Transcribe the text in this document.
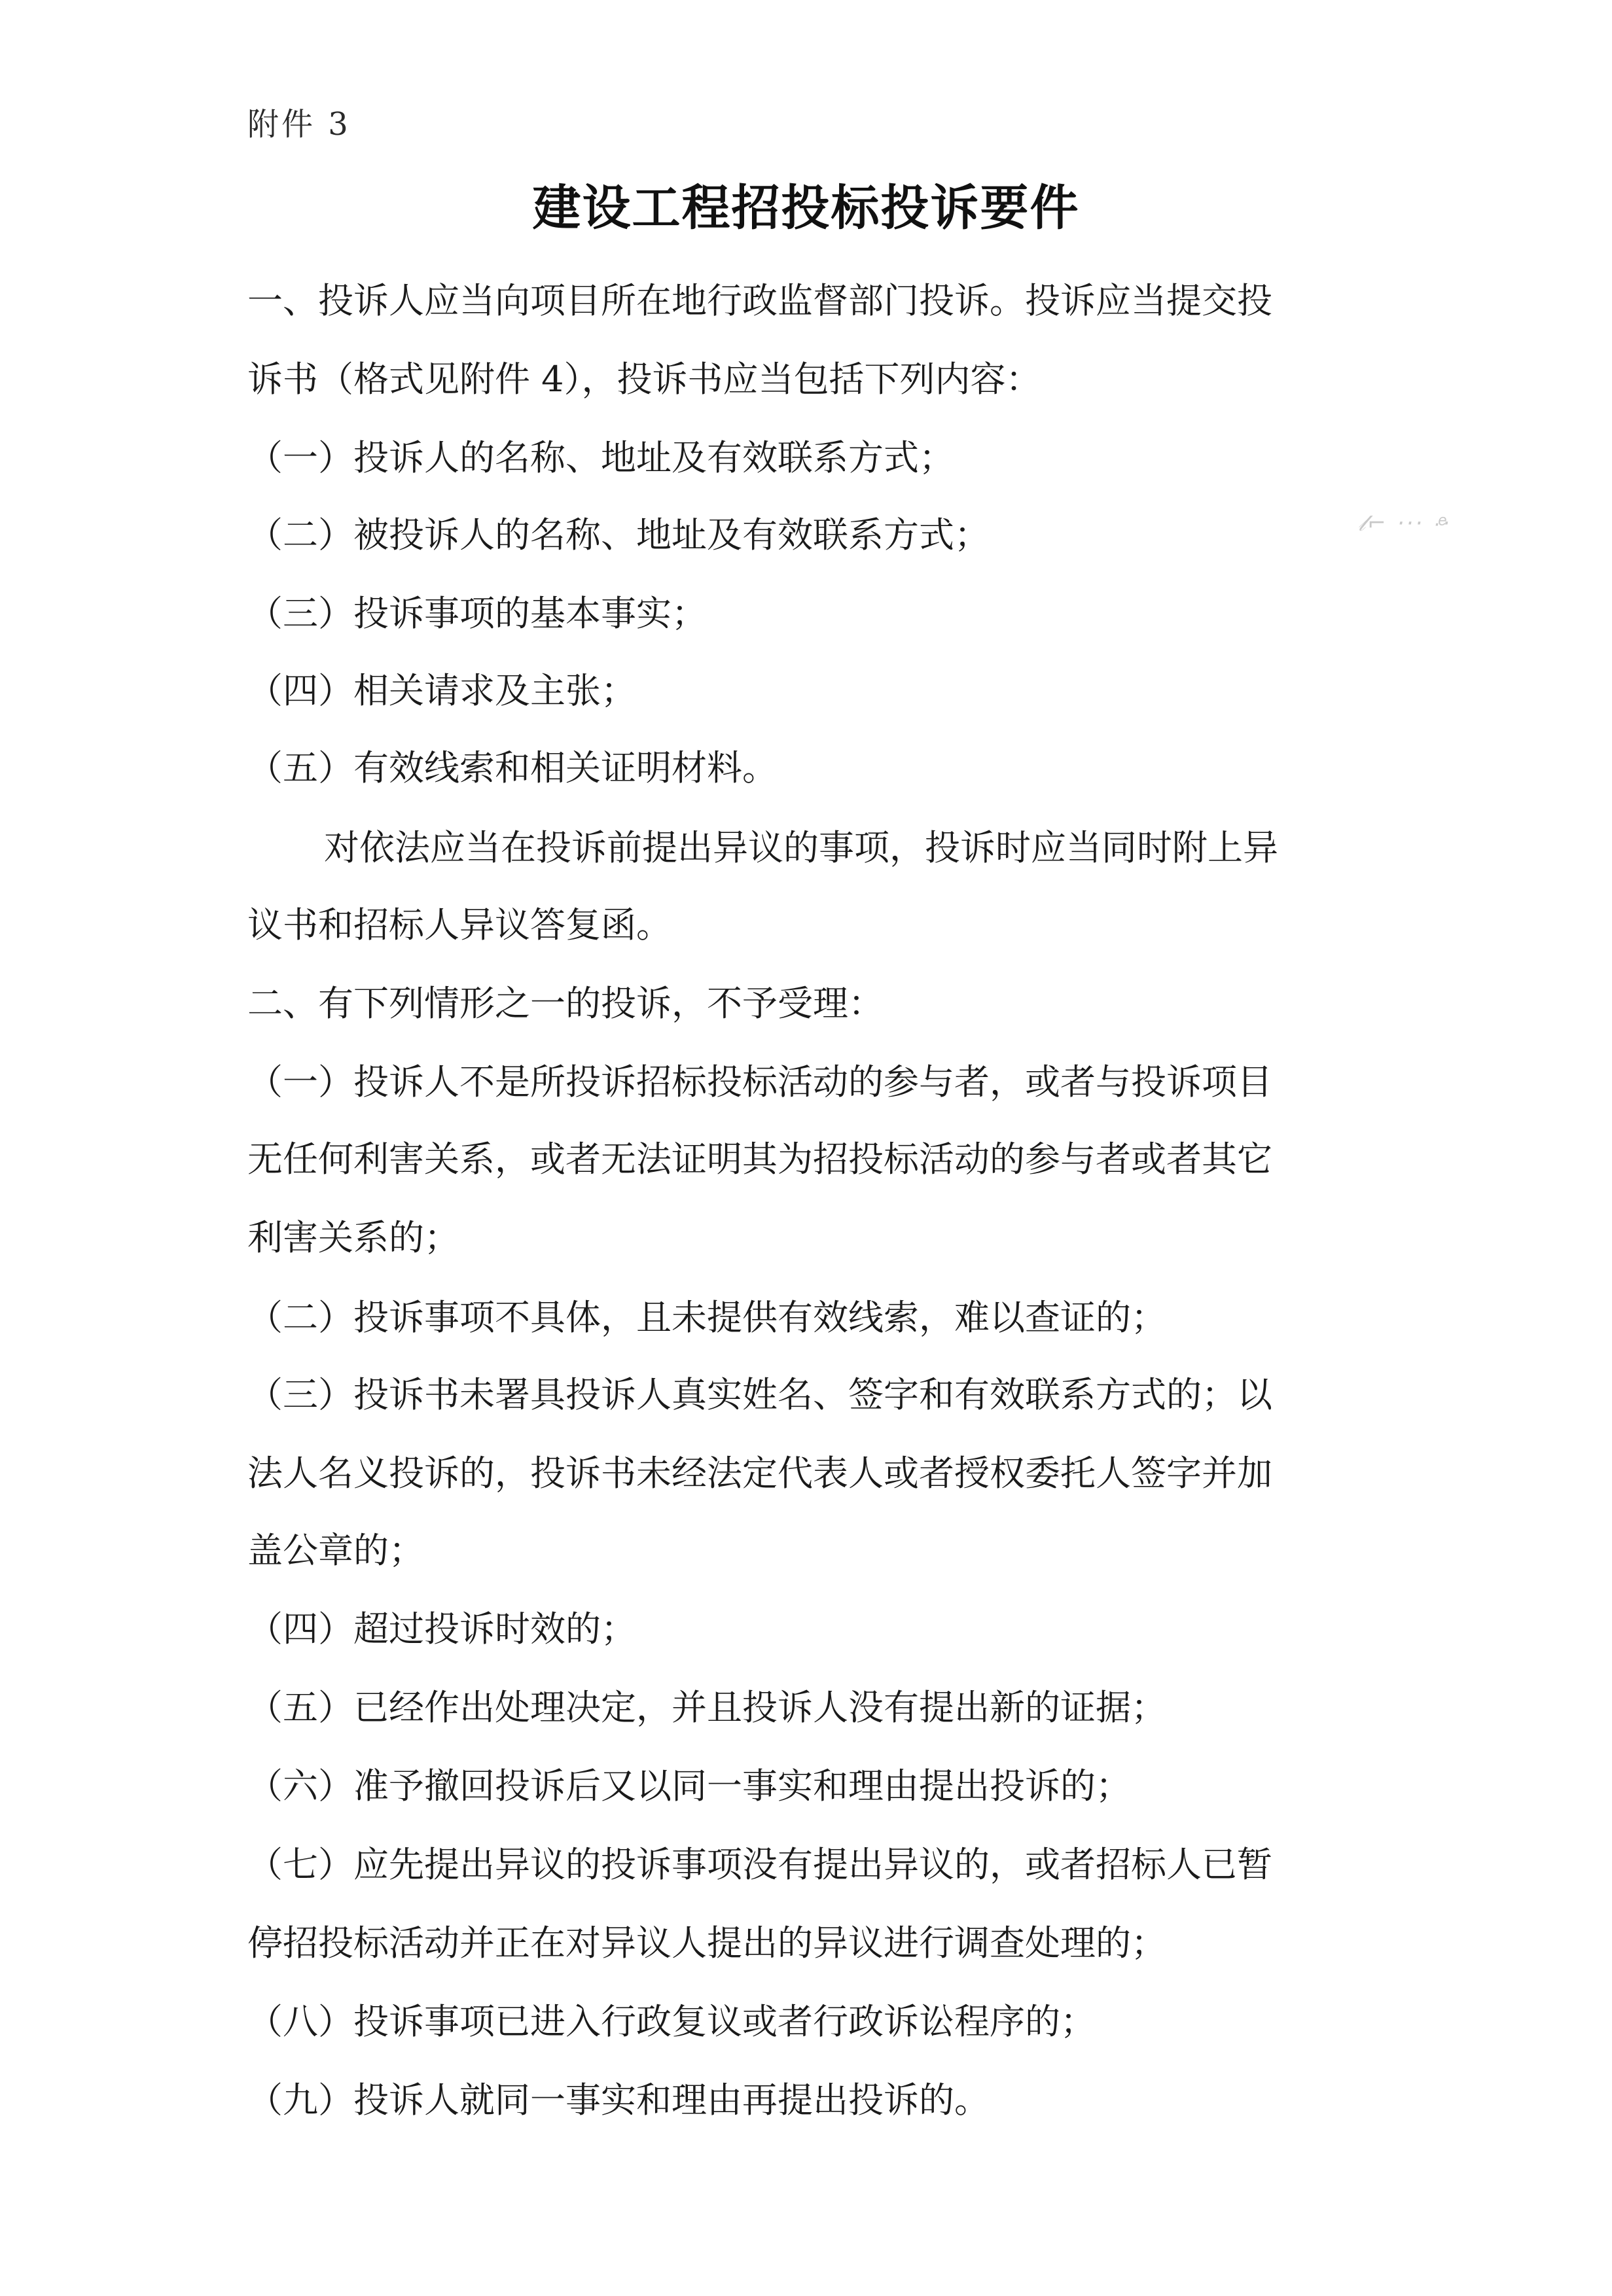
附件 3
建设工程招投标投诉要件
𝓁⌐ ··· ·ͤ·
一、投诉人应当向项目所在地行政监督部门投诉。投诉应当提交投
诉书（格式见附件 4），投诉书应当包括下列内容：
（一）投诉人的名称、地址及有效联系方式；
（二）被投诉人的名称、地址及有效联系方式；
（三）投诉事项的基本事实；
（四）相关请求及主张；
（五）有效线索和相关证明材料。
对依法应当在投诉前提出异议的事项，投诉时应当同时附上异
议书和招标人异议答复函。
二、有下列情形之一的投诉，不予受理：
（一）投诉人不是所投诉招标投标活动的参与者，或者与投诉项目
无任何利害关系，或者无法证明其为招投标活动的参与者或者其它
利害关系的；
（二）投诉事项不具体，且未提供有效线索，难以查证的；
（三）投诉书未署具投诉人真实姓名、签字和有效联系方式的；以
法人名义投诉的，投诉书未经法定代表人或者授权委托人签字并加
盖公章的；
（四）超过投诉时效的；
（五）已经作出处理决定，并且投诉人没有提出新的证据；
（六）准予撤回投诉后又以同一事实和理由提出投诉的；
（七）应先提出异议的投诉事项没有提出异议的，或者招标人已暂
停招投标活动并正在对异议人提出的异议进行调查处理的；
（八）投诉事项已进入行政复议或者行政诉讼程序的；
（九）投诉人就同一事实和理由再提出投诉的。
